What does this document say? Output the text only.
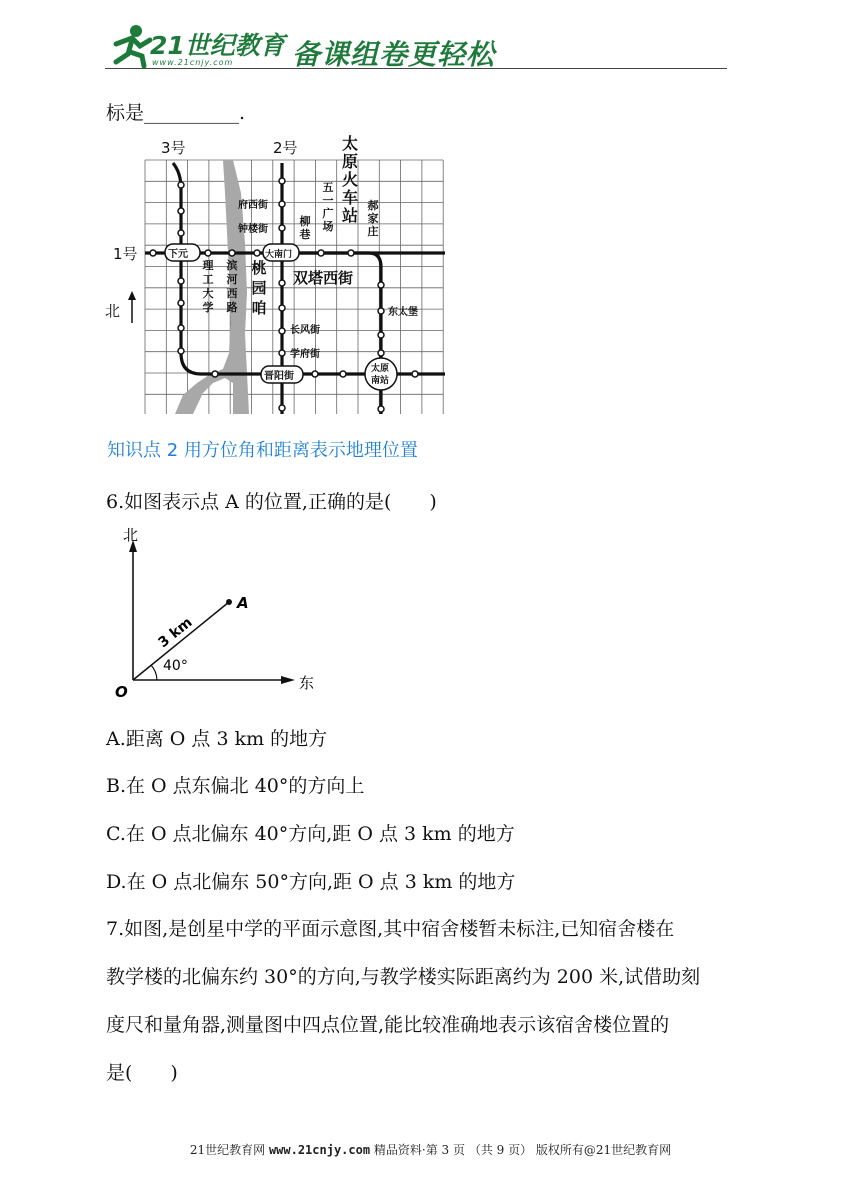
21世纪教育
www.21cnjy.com 备课组卷更轻松
标是__________.
下元	大南门
晋阳街
太原
南站
府西街
钟楼街
东太堡
长风街
学府街
3号	2号
1号
北
双塔西街
太
原
火
车
站
五
一
广
场
郝
家
庄
柳
巷
理
工
大
学
滨
河
西
路
桃
园
咱
知识点 2 用方位角和距离表示地理位置
6.如图表示点 A 的位置,正确的是(　　)
北
东
O
A
40°
3 km
A.距离 O 点 3 km 的地方
B.在 O 点东偏北 40°的方向上
C.在 O 点北偏东 40°方向,距 O 点 3 km 的地方
D.在 O 点北偏东 50°方向,距 O 点 3 km 的地方
7.如图,是创星中学的平面示意图,其中宿舍楼暂未标注,已知宿舍楼在
教学楼的北偏东约 30°的方向,与教学楼实际距离约为 200 米,试借助刻
度尺和量角器,测量图中四点位置,能比较准确地表示该宿舍楼位置的
是(　　)
21世纪教育网 www.21cnjy.com 精品资料·第 3 页 （共 9 页） 版权所有@21世纪教育网
